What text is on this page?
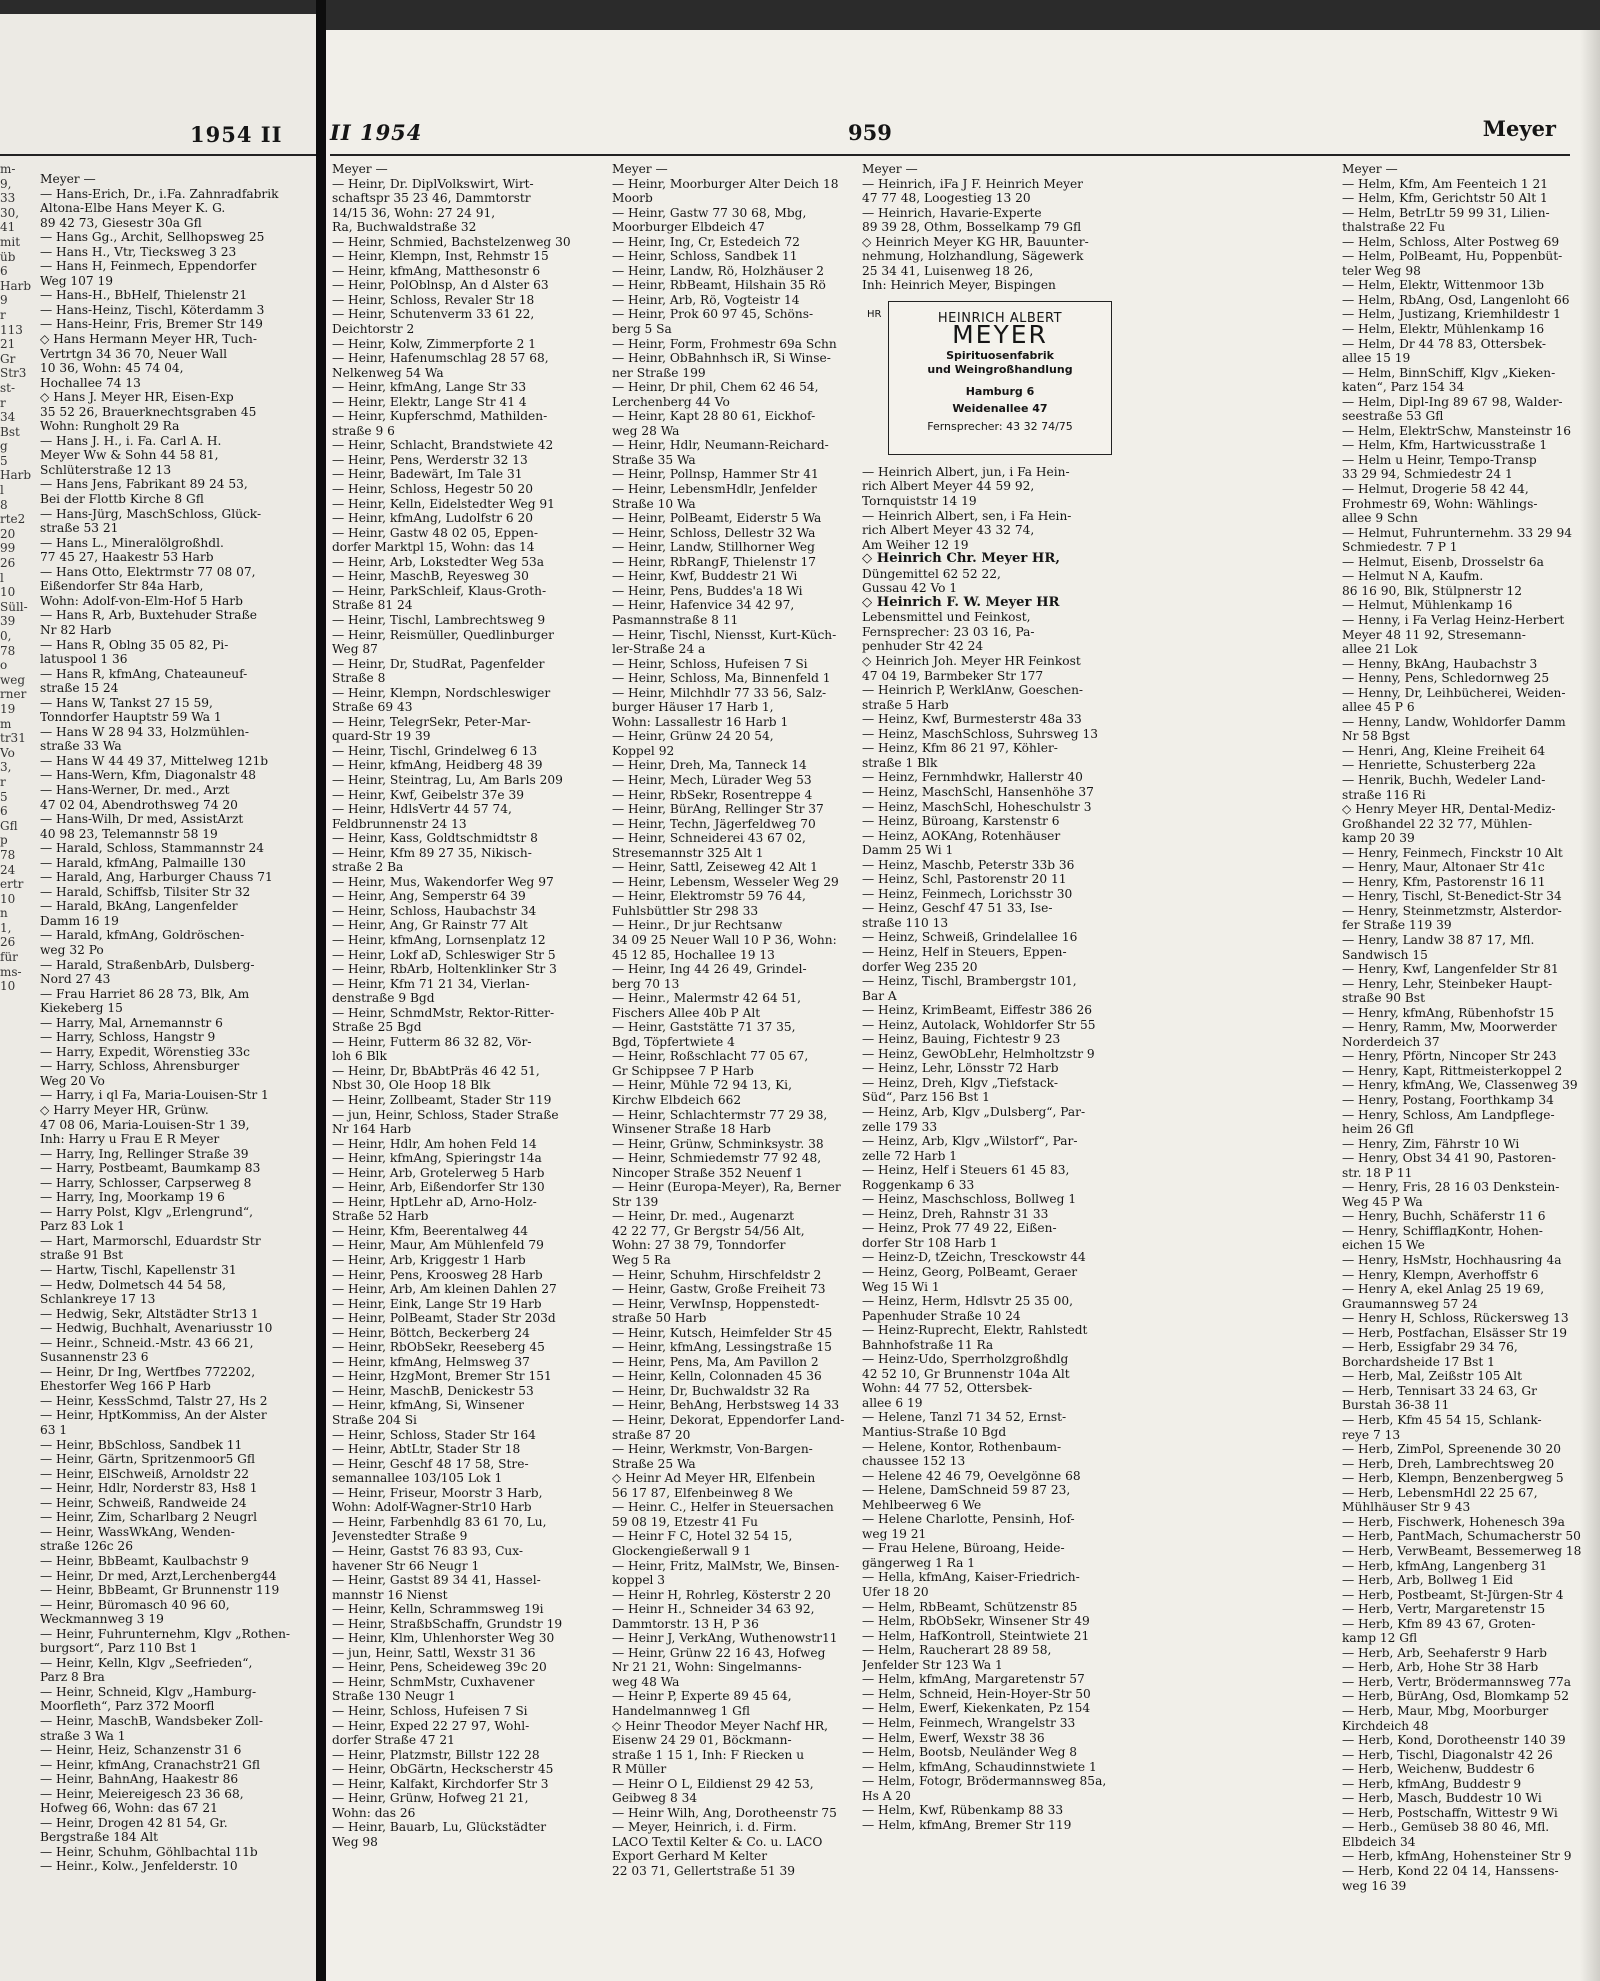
1954 II
m-
9,
33 30,
41
mit
üb
6
Harb
9
r 113
21
Gr
Str3
st-
r 34
Bst
g 5
Harb
l 8
rte2
20
99
26
l 10
Süll-
39
0,
78
o
weg
rner
19
m
tr31
Vo
3,
r 5
6
Gfl
p 78
24
ertr
10
n 1,
26
für
ms-
10
Meyer —
— Hans-Erich, Dr., i.Fa. Zahnradfabrik
Altona-Elbe Hans Meyer K. G.
89 42 73, Giesestr 30a Gfl
— Hans Gg., Archit, Sellhopsweg 25
— Hans H., Vtr, Tiecksweg 3 23
— Hans H, Feinmech, Eppendorfer
Weg 107 19
— Hans-H., BbHelf, Thielenstr 21
— Hans-Heinz, Tischl, Köterdamm 3
— Hans-Heinr, Fris, Bremer Str 149
◇ Hans Hermann Meyer HR, Tuch-
Vertrtgn 34 36 70, Neuer Wall
10 36, Wohn: 45 74 04,
Hochallee 74 13
◇ Hans J. Meyer HR, Eisen-Exp
35 52 26, Brauerknechtsgraben 45
Wohn: Rungholt 29 Ra
— Hans J. H., i. Fa. Carl A. H.
Meyer Ww & Sohn 44 58 81,
Schlüterstraße 12 13
— Hans Jens, Fabrikant 89 24 53,
Bei der Flottb Kirche 8 Gfl
— Hans-Jürg, MaschSchloss, Glück-
straße 53 21
— Hans L., Mineralölgroßhdl.
77 45 27, Haakestr 53 Harb
— Hans Otto, Elektrmstr 77 08 07,
Eißendorfer Str 84a Harb,
Wohn: Adolf-von-Elm-Hof 5 Harb
— Hans R, Arb, Buxtehuder Straße
Nr 82 Harb
— Hans R, Oblng 35 05 82, Pi-
latuspool 1 36
— Hans R, kfmAng, Chateauneuf-
straße 15 24
— Hans W, Tankst 27 15 59,
Tonndorfer Hauptstr 59 Wa 1
— Hans W 28 94 33, Holzmühlen-
straße 33 Wa
— Hans W 44 49 37, Mittelweg 121b
— Hans-Wern, Kfm, Diagonalstr 48
— Hans-Werner, Dr. med., Arzt
47 02 04, Abendrothsweg 74 20
— Hans-Wilh, Dr med, AssistArzt
40 98 23, Telemannstr 58 19
— Harald, Schloss, Stammannstr 24
— Harald, kfmAng, Palmaille 130
— Harald, Ang, Harburger Chauss 71
— Harald, Schiffsb, Tilsiter Str 32
— Harald, BkAng, Langenfelder
Damm 16 19
— Harald, kfmAng, Goldröschen-
weg 32 Po
— Harald, StraßenbArb, Dulsberg-
Nord 27 43
— Frau Harriet 86 28 73, Blk, Am
Kiekeberg 15
— Harry, Mal, Arnemannstr 6
— Harry, Schloss, Hangstr 9
— Harry, Expedit, Wörenstieg 33c
— Harry, Schloss, Ahrensburger
Weg 20 Vo
— Harry, i ql Fa, Maria-Louisen-Str 1
◇ Harry Meyer HR, Grünw.
47 08 06, Maria-Louisen-Str 1 39,
Inh: Harry u Frau E R Meyer
— Harry, Ing, Rellinger Straße 39
— Harry, Postbeamt, Baumkamp 83
— Harry, Schlosser, Carpserweg 8
— Harry, Ing, Moorkamp 19 6
— Harry Polst, Klgv „Erlengrund“,
Parz 83 Lok 1
— Hart, Marmorschl, Eduardstr Str
straße 91 Bst
— Hartw, Tischl, Kapellenstr 31
— Hedw, Dolmetsch 44 54 58,
Schlankreye 17 13
— Hedwig, Sekr, Altstädter Str13 1
— Hedwig, Buchhalt, Avenariusstr 10
— Heinr., Schneid.-Mstr. 43 66 21,
Susannenstr 23 6
— Heinr, Dr Ing, Wertfbes 772202,
Ehestorfer Weg 166 P Harb
— Heinr, KessSchmd, Talstr 27, Hs 2
— Heinr, HptKommiss, An der Alster
63 1
— Heinr, BbSchloss, Sandbek 11
— Heinr, Gärtn, Spritzenmoor5 Gfl
— Heinr, ElSchweiß, Arnoldstr 22
— Heinr, Hdlr, Norderstr 83, Hs8 1
— Heinr, Schweiß, Randweide 24
— Heinr, Zim, Scharlbarg 2 Neugrl
— Heinr, WassWkAng, Wenden-
straße 126c 26
— Heinr, BbBeamt, Kaulbachstr 9
— Heinr, Dr med, Arzt,Lerchenberg44
— Heinr, BbBeamt, Gr Brunnenstr 119
— Heinr, Büromasch 40 96 60,
Weckmannweg 3 19
— Heinr, Fuhrunternehm, Klgv „Rothen-
burgsort“, Parz 110 Bst 1
— Heinr, Kelln, Klgv „Seefrieden“,
Parz 8 Bra
— Heinr, Schneid, Klgv „Hamburg-
Moorfleth“, Parz 372 Moorfl
— Heinr, MaschB, Wandsbeker Zoll-
straße 3 Wa 1
— Heinr, Heiz, Schanzenstr 31 6
— Heinr, kfmAng, Cranachstr21 Gfl
— Heinr, BahnAng, Haakestr 86
— Heinr, Meiereigesch 23 36 68,
Hofweg 66, Wohn: das 67 21
— Heinr, Drogen 42 81 54, Gr.
Bergstraße 184 Alt
— Heinr, Schuhm, Göhlbachtal 11b
— Heinr., Kolw., Jenfelderstr. 10
II 1954	959	Meyer
Meyer —
— Heinr, Dr. DiplVolkswirt, Wirt-
schaftspr 35 23 46, Dammtorstr
14/15 36, Wohn: 27 24 91,
Ra, Buchwaldstraße 32
— Heinr, Schmied, Bachstelzenweg 30
— Heinr, Klempn, Inst, Rehmstr 15
— Heinr, kfmAng, Matthesonstr 6
— Heinr, PolOblnsp, An d Alster 63
— Heinr, Schloss, Revaler Str 18
— Heinr, Schutenverm 33 61 22,
Deichtorstr 2
— Heinr, Kolw, Zimmerpforte 2 1
— Heinr, Hafenumschlag 28 57 68,
Nelkenweg 54 Wa
— Heinr, kfmAng, Lange Str 33
— Heinr, Elektr, Lange Str 41 4
— Heinr, Kupferschmd, Mathilden-
straße 9 6
— Heinr, Schlacht, Brandstwiete 42
— Heinr, Pens, Werderstr 32 13
— Heinr, Badewärt, Im Tale 31
— Heinr, Schloss, Hegestr 50 20
— Heinr, Kelln, Eidelstedter Weg 91
— Heinr, kfmAng, Ludolfstr 6 20
— Heinr, Gastw 48 02 05, Eppen-
dorfer Marktpl 15, Wohn: das 14
— Heinr, Arb, Lokstedter Weg 53a
— Heinr, MaschB, Reyesweg 30
— Heinr, ParkSchleif, Klaus-Groth-
Straße 81 24
— Heinr, Tischl, Lambrechtsweg 9
— Heinr, Reismüller, Quedlinburger
Weg 87
— Heinr, Dr, StudRat, Pagenfelder
Straße 8
— Heinr, Klempn, Nordschleswiger
Straße 69 43
— Heinr, TelegrSekr, Peter-Mar-
quard-Str 19 39
— Heinr, Tischl, Grindelweg 6 13
— Heinr, kfmAng, Heidberg 48 39
— Heinr, Steintrag, Lu, Am Barls 209
— Heinr, Kwf, Geibelstr 37e 39
— Heinr, HdlsVertr 44 57 74,
Feldbrunnenstr 24 13
— Heinr, Kass, Goldtschmidtstr 8
— Heinr, Kfm 89 27 35, Nikisch-
straße 2 Ba
— Heinr, Mus, Wakendorfer Weg 97
— Heinr, Ang, Semperstr 64 39
— Heinr, Schloss, Haubachstr 34
— Heinr, Ang, Gr Rainstr 77 Alt
— Heinr, kfmAng, Lornsenplatz 12
— Heinr, Lokf aD, Schleswiger Str 5
— Heinr, RbArb, Holtenklinker Str 3
— Heinr, Kfm 71 21 34, Vierlan-
denstraße 9 Bgd
— Heinr, SchmdMstr, Rektor-Ritter-
Straße 25 Bgd
— Heinr, Futterm 86 32 82, Vör-
loh 6 Blk
— Heinr, Dr, BbAbtPräs 46 42 51,
Nbst 30, Ole Hoop 18 Blk
— Heinr, Zollbeamt, Stader Str 119
— jun, Heinr, Schloss, Stader Straße
Nr 164 Harb
— Heinr, Hdlr, Am hohen Feld 14
— Heinr, kfmAng, Spieringstr 14a
— Heinr, Arb, Grotelerweg 5 Harb
— Heinr, Arb, Eißendorfer Str 130
— Heinr, HptLehr aD, Arno-Holz-
Straße 52 Harb
— Heinr, Kfm, Beerentalweg 44
— Heinr, Maur, Am Mühlenfeld 79
— Heinr, Arb, Kriggestr 1 Harb
— Heinr, Pens, Kroosweg 28 Harb
— Heinr, Arb, Am kleinen Dahlen 27
— Heinr, Eink, Lange Str 19 Harb
— Heinr, PolBeamt, Stader Str 203d
— Heinr, Böttch, Beckerberg 24
— Heinr, RbObSekr, Reeseberg 45
— Heinr, kfmAng, Helmsweg 37
— Heinr, HzgMont, Bremer Str 151
— Heinr, MaschB, Denickestr 53
— Heinr, kfmAng, Si, Winsener
Straße 204 Si
— Heinr, Schloss, Stader Str 164
— Heinr, AbtLtr, Stader Str 18
— Heinr, Geschf 48 17 58, Stre-
semannallee 103/105 Lok 1
— Heinr, Friseur, Moorstr 3 Harb,
Wohn: Adolf-Wagner-Str10 Harb
— Heinr, Farbenhdlg 83 61 70, Lu,
Jevenstedter Straße 9
— Heinr, Gastst 76 83 93, Cux-
havener Str 66 Neugr 1
— Heinr, Gastst 89 34 41, Hassel-
mannstr 16 Nienst
— Heinr, Kelln, Schrammsweg 19i
— Heinr, StraßbSchaffn, Grundstr 19
— Heinr, Klm, Uhlenhorster Weg 30
— jun, Heinr, Sattl, Wexstr 31 36
— Heinr, Pens, Scheideweg 39c 20
— Heinr, SchmMstr, Cuxhavener
Straße 130 Neugr 1
— Heinr, Schloss, Hufeisen 7 Si
— Heinr, Exped 22 27 97, Wohl-
dorfer Straße 47 21
— Heinr, Platzmstr, Billstr 122 28
— Heinr, ObGärtn, Heckscherstr 45
— Heinr, Kalfakt, Kirchdorfer Str 3
— Heinr, Grünw, Hofweg 21 21,
Wohn: das 26
— Heinr, Bauarb, Lu, Glückstädter
Weg 98
Meyer —
— Heinr, Moorburger Alter Deich 18
Moorb
— Heinr, Gastw 77 30 68, Mbg,
Moorburger Elbdeich 47
— Heinr, Ing, Cr, Estedeich 72
— Heinr, Schloss, Sandbek 11
— Heinr, Landw, Rö, Holzhäuser 2
— Heinr, RbBeamt, Hilshain 35 Rö
— Heinr, Arb, Rö, Vogteistr 14
— Heinr, Prok 60 97 45, Schöns-
berg 5 Sa
— Heinr, Form, Frohmestr 69a Schn
— Heinr, ObBahnhsch iR, Si Winse-
ner Straße 199
— Heinr, Dr phil, Chem 62 46 54,
Lerchenberg 44 Vo
— Heinr, Kapt 28 80 61, Eickhof-
weg 28 Wa
— Heinr, Hdlr, Neumann-Reichard-
Straße 35 Wa
— Heinr, Pollnsp, Hammer Str 41
— Heinr, LebensmHdlr, Jenfelder
Straße 10 Wa
— Heinr, PolBeamt, Eiderstr 5 Wa
— Heinr, Schloss, Dellestr 32 Wa
— Heinr, Landw, Stillhorner Weg
— Heinr, RbRangF, Thielenstr 17
— Heinr, Kwf, Buddestr 21 Wi
— Heinr, Pens, Buddes'a 18 Wi
— Heinr, Hafenvice 34 42 97,
Pasmannstraße 8 11
— Heinr, Tischl, Niensst, Kurt-Küch-
ler-Straße 24 a
— Heinr, Schloss, Hufeisen 7 Si
— Heinr, Schloss, Ma, Binnenfeld 1
— Heinr, Milchhdlr 77 33 56, Salz-
burger Häuser 17 Harb 1,
Wohn: Lassallestr 16 Harb 1
— Heinr, Grünw 24 20 54,
Koppel 92
— Heinr, Dreh, Ma, Tanneck 14
— Heinr, Mech, Lürader Weg 53
— Heinr, RbSekr, Rosentreppe 4
— Heinr, BürAng, Rellinger Str 37
— Heinr, Techn, Jägerfeldweg 70
— Heinr, Schneiderei 43 67 02,
Stresemannstr 325 Alt 1
— Heinr, Sattl, Zeiseweg 42 Alt 1
— Heinr, Lebensm, Wesseler Weg 29
— Heinr, Elektromstr 59 76 44,
Fuhlsbüttler Str 298 33
— Heinr., Dr jur Rechtsanw
34 09 25 Neuer Wall 10 P 36, Wohn:
45 12 85, Hochallee 19 13
— Heinr, Ing 44 26 49, Grindel-
berg 70 13
— Heinr., Malermstr 42 64 51,
Fischers Allee 40b P Alt
— Heinr, Gaststätte 71 37 35,
Bgd, Töpfertwiete 4
— Heinr, Roßschlacht 77 05 67,
Gr Schippsee 7 P Harb
— Heinr, Mühle 72 94 13, Ki,
Kirchw Elbdeich 662
— Heinr, Schlachtermstr 77 29 38,
Winsener Straße 18 Harb
— Heinr, Grünw, Schminksystr. 38
— Heinr, Schmiedemstr 77 92 48,
Nincoper Straße 352 Neuenf 1
— Heinr (Europa-Meyer), Ra, Berner
Str 139
— Heinr, Dr. med., Augenarzt
42 22 77, Gr Bergstr 54/56 Alt,
Wohn: 27 38 79, Tonndorfer
Weg 5 Ra
— Heinr, Schuhm, Hirschfeldstr 2
— Heinr, Gastw, Große Freiheit 73
— Heinr, VerwInsp, Hoppenstedt-
straße 50 Harb
— Heinr, Kutsch, Heimfelder Str 45
— Heinr, kfmAng, Lessingstraße 15
— Heinr, Pens, Ma, Am Pavillon 2
— Heinr, Kelln, Colonnaden 45 36
— Heinr, Dr, Buchwaldstr 32 Ra
— Heinr, BehAng, Herbstsweg 14 33
— Heinr, Dekorat, Eppendorfer Land-
straße 87 20
— Heinr, Werkmstr, Von-Bargen-
Straße 25 Wa
◇ Heinr Ad Meyer HR, Elfenbein
56 17 87, Elfenbeinweg 8 We
— Heinr. C., Helfer in Steuersachen
59 08 19, Etzestr 41 Fu
— Heinr F C, Hotel 32 54 15,
Glockengießerwall 9 1
— Heinr, Fritz, MalMstr, We, Binsen-
koppel 3
— Heinr H, Rohrleg, Kösterstr 2 20
— Heinr H., Schneider 34 63 92,
Dammtorstr. 13 H, P 36
— Heinr J, VerkAng, Wuthenowstr11
— Heinr, Grünw 22 16 43, Hofweg
Nr 21 21, Wohn: Singelmanns-
weg 48 Wa
— Heinr P, Experte 89 45 64,
Handelmannweg 1 Gfl
◇ Heinr Theodor Meyer Nachf HR,
Eisenw 24 29 01, Böckmann-
straße 1 15 1, Inh: F Riecken u
R Müller
— Heinr O L, Eildienst 29 42 53,
Geibweg 8 34
— Heinr Wilh, Ang, Dorotheenstr 75
— Meyer, Heinrich, i. d. Firm.
LACO Textil Kelter & Co. u. LACO
Export Gerhard M Kelter
22 03 71, Gellertstraße 51 39
Meyer —
— Heinrich, iFa J F. Heinrich Meyer
47 77 48, Loogestieg 13 20
— Heinrich, Havarie-Experte
89 39 28, Othm, Bosselkamp 79 Gfl
◇ Heinrich Meyer KG HR, Bauunter-
nehmung, Holzhandlung, Sägewerk
25 34 41, Luisenweg 18 26,
Inh: Heinrich Meyer, Bispingen
HR	HEINRICH ALBERT
MEYER
Spirituosenfabrik
und Weingroßhandlung
Hamburg 6
Weidenallee 47
Fernsprecher: 43 32 74/75
— Heinrich Albert, jun, i Fa Hein-
rich Albert Meyer 44 59 92,
Tornquiststr 14 19
— Heinrich Albert, sen, i Fa Hein-
rich Albert Meyer 43 32 74,
Am Weiher 12 19
◇ Heinrich Chr. Meyer HR,
Düngemittel 62 52 22,
Gussau 42 Vo 1
◇ Heinrich F. W. Meyer HR
Lebensmittel und Feinkost,
Fernsprecher: 23 03 16, Pa-
penhuder Str 42 24
◇ Heinrich Joh. Meyer HR Feinkost
47 04 19, Barmbeker Str 177
— Heinrich P, WerklAnw, Goeschen-
straße 5 Harb
— Heinz, Kwf, Burmesterstr 48a 33
— Heinz, MaschSchloss, Suhrsweg 13
— Heinz, Kfm 86 21 97, Köhler-
straße 1 Blk
— Heinz, Fernmhdwkr, Hallerstr 40
— Heinz, MaschSchl, Hansenhöhe 37
— Heinz, MaschSchl, Hoheschulstr 3
— Heinz, Büroang, Karstenstr 6
— Heinz, AOKAng, Rotenhäuser
Damm 25 Wi 1
— Heinz, Maschb, Peterstr 33b 36
— Heinz, Schl, Pastorenstr 20 11
— Heinz, Feinmech, Lorichsstr 30
— Heinz, Geschf 47 51 33, Ise-
straße 110 13
— Heinz, Schweiß, Grindelallee 16
— Heinz, Helf in Steuers, Eppen-
dorfer Weg 235 20
— Heinz, Tischl, Brambergstr 101,
Bar A
— Heinz, KrimBeamt, Eiffestr 386 26
— Heinz, Autolack, Wohldorfer Str 55
— Heinz, Bauing, Fichtestr 9 23
— Heinz, GewObLehr, Helmholtzstr 9
— Heinz, Lehr, Lönsstr 72 Harb
— Heinz, Dreh, Klgv „Tiefstack-
Süd“, Parz 156 Bst 1
— Heinz, Arb, Klgv „Dulsberg“, Par-
zelle 179 33
— Heinz, Arb, Klgv „Wilstorf“, Par-
zelle 72 Harb 1
— Heinz, Helf i Steuers 61 45 83,
Roggenkamp 6 33
— Heinz, Maschschloss, Bollweg 1
— Heinz, Dreh, Rahnstr 31 33
— Heinz, Prok 77 49 22, Eißen-
dorfer Str 108 Harb 1
— Heinz-D, tZeichn, Tresckowstr 44
— Heinz, Georg, PolBeamt, Geraer
Weg 15 Wi 1
— Heinz, Herm, Hdlsvtr 25 35 00,
Papenhuder Straße 10 24
— Heinz-Ruprecht, Elektr, Rahlstedt
Bahnhofstraße 11 Ra
— Heinz-Udo, Sperrholzgroßhdlg
42 52 10, Gr Brunnenstr 104a Alt
Wohn: 44 77 52, Ottersbek-
allee 6 19
— Helene, Tanzl 71 34 52, Ernst-
Mantius-Straße 10 Bgd
— Helene, Kontor, Rothenbaum-
chaussee 152 13
— Helene 42 46 79, Oevelgönne 68
— Helene, DamSchneid 59 87 23,
Mehlbeerweg 6 We
— Helene Charlotte, Pensinh, Hof-
weg 19 21
— Frau Helene, Büroang, Heide-
gängerweg 1 Ra 1
— Hella, kfmAng, Kaiser-Friedrich-
Ufer 18 20
— Helm, RbBeamt, Schützenstr 85
— Helm, RbObSekr, Winsener Str 49
— Helm, HafKontroll, Steintwiete 21
— Helm, Raucherart 28 89 58,
Jenfelder Str 123 Wa 1
— Helm, kfmAng, Margaretenstr 57
— Helm, Schneid, Hein-Hoyer-Str 50
— Helm, Ewerf, Kiekenkaten, Pz 154
— Helm, Feinmech, Wrangelstr 33
— Helm, Ewerf, Wexstr 38 36
— Helm, Bootsb, Neuländer Weg 8
— Helm, kfmAng, Schaudinnstwiete 1
— Helm, Fotogr, Brödermannsweg 85a,
Hs A 20
— Helm, Kwf, Rübenkamp 88 33
— Helm, kfmAng, Bremer Str 119
Meyer —
— Helm, Kfm, Am Feenteich 1 21
— Helm, Kfm, Gerichtstr 50 Alt 1
— Helm, BetrLtr 59 99 31, Lilien-
thalstraße 22 Fu
— Helm, Schloss, Alter Postweg 69
— Helm, PolBeamt, Hu, Poppenbüt-
teler Weg 98
— Helm, Elektr, Wittenmoor 13b
— Helm, RbAng, Osd, Langenloht 66
— Helm, Justizang, Kriemhildestr 1
— Helm, Elektr, Mühlenkamp 16
— Helm, Dr 44 78 83, Ottersbek-
allee 15 19
— Helm, BinnSchiff, Klgv „Kieken-
katen“, Parz 154 34
— Helm, Dipl-Ing 89 67 98, Walder-
seestraße 53 Gfl
— Helm, ElektrSchw, Mansteinstr 16
— Helm, Kfm, Hartwicusstraße 1
— Helm u Heinr, Tempo-Transp
33 29 94, Schmiedestr 24 1
— Helmut, Drogerie 58 42 44,
Frohmestr 69, Wohn: Wählings-
allee 9 Schn
— Helmut, Fuhrunternehm. 33 29 94
Schmiedestr. 7 P 1
— Helmut, Eisenb, Drosselstr 6a
— Helmut N A, Kaufm.
86 16 90, Blk, Stülpnerstr 12
— Helmut, Mühlenkamp 16
— Henny, i Fa Verlag Heinz-Herbert
Meyer 48 11 92, Stresemann-
allee 21 Lok
— Henny, BkAng, Haubachstr 3
— Henny, Pens, Schledornweg 25
— Henny, Dr, Leihbücherei, Weiden-
allee 45 P 6
— Henny, Landw, Wohldorfer Damm
Nr 58 Bgst
— Henri, Ang, Kleine Freiheit 64
— Henriette, Schusterberg 22a
— Henrik, Buchh, Wedeler Land-
straße 116 Ri
◇ Henry Meyer HR, Dental-Mediz-
Großhandel 22 32 77, Mühlen-
kamp 20 39
— Henry, Feinmech, Finckstr 10 Alt
— Henry, Maur, Altonaer Str 41c
— Henry, Kfm, Pastorenstr 16 11
— Henry, Tischl, St-Benedict-Str 34
— Henry, Steinmetzmstr, Alsterdor-
fer Straße 119 39
— Henry, Landw 38 87 17, Mfl.
Sandwisch 15
— Henry, Kwf, Langenfelder Str 81
— Henry, Lehr, Steinbeker Haupt-
straße 90 Bst
— Henry, kfmAng, Rübenhofstr 15
— Henry, Ramm, Mw, Moorwerder
Norderdeich 37
— Henry, Pförtn, Nincoper Str 243
— Henry, Kapt, Rittmeisterkoppel 2
— Henry, kfmAng, We, Classenweg 39
— Henry, Postang, Foorthkamp 34
— Henry, Schloss, Am Landpflege-
heim 26 Gfl
— Henry, Zim, Fährstr 10 Wi
— Henry, Obst 34 41 90, Pastoren-
str. 18 P 11
— Henry, Fris, 28 16 03 Denkstein-
Weg 45 P Wa
— Henry, Buchh, Schäferstr 11 6
— Henry, SchifflадKontr, Hohen-
eichen 15 We
— Henry, HsMstr, Hochhausring 4a
— Henry, Klempn, Averhoffstr 6
— Henry A, ekel Anlag 25 19 69,
Graumannsweg 57 24
— Henry H, Schloss, Rückersweg 13
— Herb, Postfachan, Elsässer Str 19
— Herb, Essigfabr 29 34 76,
Borchardsheide 17 Bst 1
— Herb, Mal, Zeißstr 105 Alt
— Herb, Tennisart 33 24 63, Gr
Burstah 36-38 11
— Herb, Kfm 45 54 15, Schlank-
reye 7 13
— Herb, ZimPol, Spreenende 30 20
— Herb, Dreh, Lambrechtsweg 20
— Herb, Klempn, Benzenbergweg 5
— Herb, LebensmHdl 22 25 67,
Mühlhäuser Str 9 43
— Herb, Fischwerk, Hohenesch 39a
— Herb, PantMach, Schumacherstr 50
— Herb, VerwBeamt, Bessemerweg 18
— Herb, kfmAng, Langenberg 31
— Herb, Arb, Bollweg 1 Eid
— Herb, Postbeamt, St-Jürgen-Str 4
— Herb, Vertr, Margaretenstr 15
— Herb, Kfm 89 43 67, Groten-
kamp 12 Gfl
— Herb, Arb, Seehaferstr 9 Harb
— Herb, Arb, Hohe Str 38 Harb
— Herb, Vertr, Brödermannsweg 77a
— Herb, BürAng, Osd, Blomkamp 52
— Herb, Maur, Mbg, Moorburger
Kirchdeich 48
— Herb, Kond, Dorotheenstr 140 39
— Herb, Tischl, Diagonalstr 42 26
— Herb, Weichenw, Buddestr 6
— Herb, kfmAng, Buddestr 9
— Herb, Masch, Buddestr 10 Wi
— Herb, Postschaffn, Wittestr 9 Wi
— Herb., Gemüseb 38 80 46, Mfl.
Elbdeich 34
— Herb, kfmAng, Hohensteiner Str 9
— Herb, Kond 22 04 14, Hanssens-
weg 16 39
